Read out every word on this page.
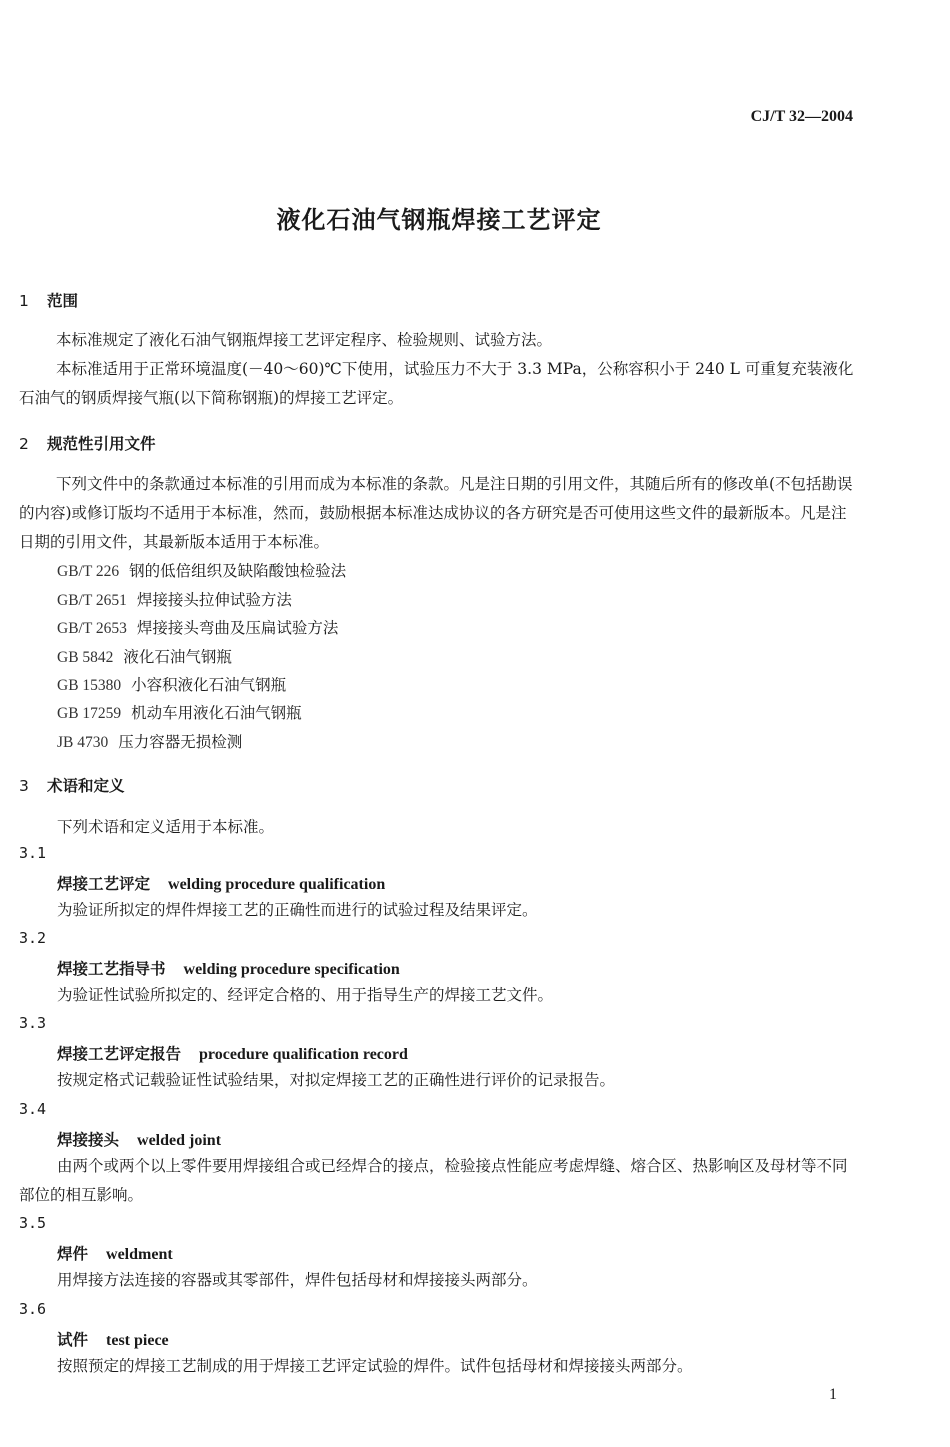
CJ/T 32—2004
液化石油气钢瓶焊接工艺评定
1 范围

本标准规定了液化石油气钢瓶焊接工艺评定程序、检验规则、试验方法。

本标准适用于正常环境温度(－40～60)℃下使用，试验压力不大于 3.3 MPa，公称容积小于 240 L 可重复充装液化石油气的钢质焊接气瓶(以下简称钢瓶)的焊接工艺评定。

2 规范性引用文件

下列文件中的条款通过本标准的引用而成为本标准的条款。凡是注日期的引用文件，其随后所有的修改单(不包括勘误的内容)或修订版均不适用于本标准，然而，鼓励根据本标准达成协议的各方研究是否可使用这些文件的最新版本。凡是注日期的引用文件，其最新版本适用于本标准。

GB/T 226 钢的低倍组织及缺陷酸蚀检验法
GB/T 2651 焊接接头拉伸试验方法
GB/T 2653 焊接接头弯曲及压扁试验方法
GB 5842 液化石油气钢瓶
GB 15380 小容积液化石油气钢瓶
GB 17259 机动车用液化石油气钢瓶
JB 4730 压力容器无损检测
3 术语和定义
下列术语和定义适用于本标准。
3.1
焊接工艺评定 welding procedure qualification
为验证所拟定的焊件焊接工艺的正确性而进行的试验过程及结果评定。
3.2
焊接工艺指导书 welding procedure specification
为验证性试验所拟定的、经评定合格的、用于指导生产的焊接工艺文件。
3.3
焊接工艺评定报告 procedure qualification record
按规定格式记载验证性试验结果，对拟定焊接工艺的正确性进行评价的记录报告。
3.4
焊接接头 welded joint
由两个或两个以上零件要用焊接组合或已经焊合的接点，检验接点性能应考虑焊缝、熔合区、热影响区及母材等不同部位的相互影响。
3.5
焊件 weldment
用焊接方法连接的容器或其零部件，焊件包括母材和焊接接头两部分。
3.6
试件 test piece
按照预定的焊接工艺制成的用于焊接工艺评定试验的焊件。试件包括母材和焊接接头两部分。
1
